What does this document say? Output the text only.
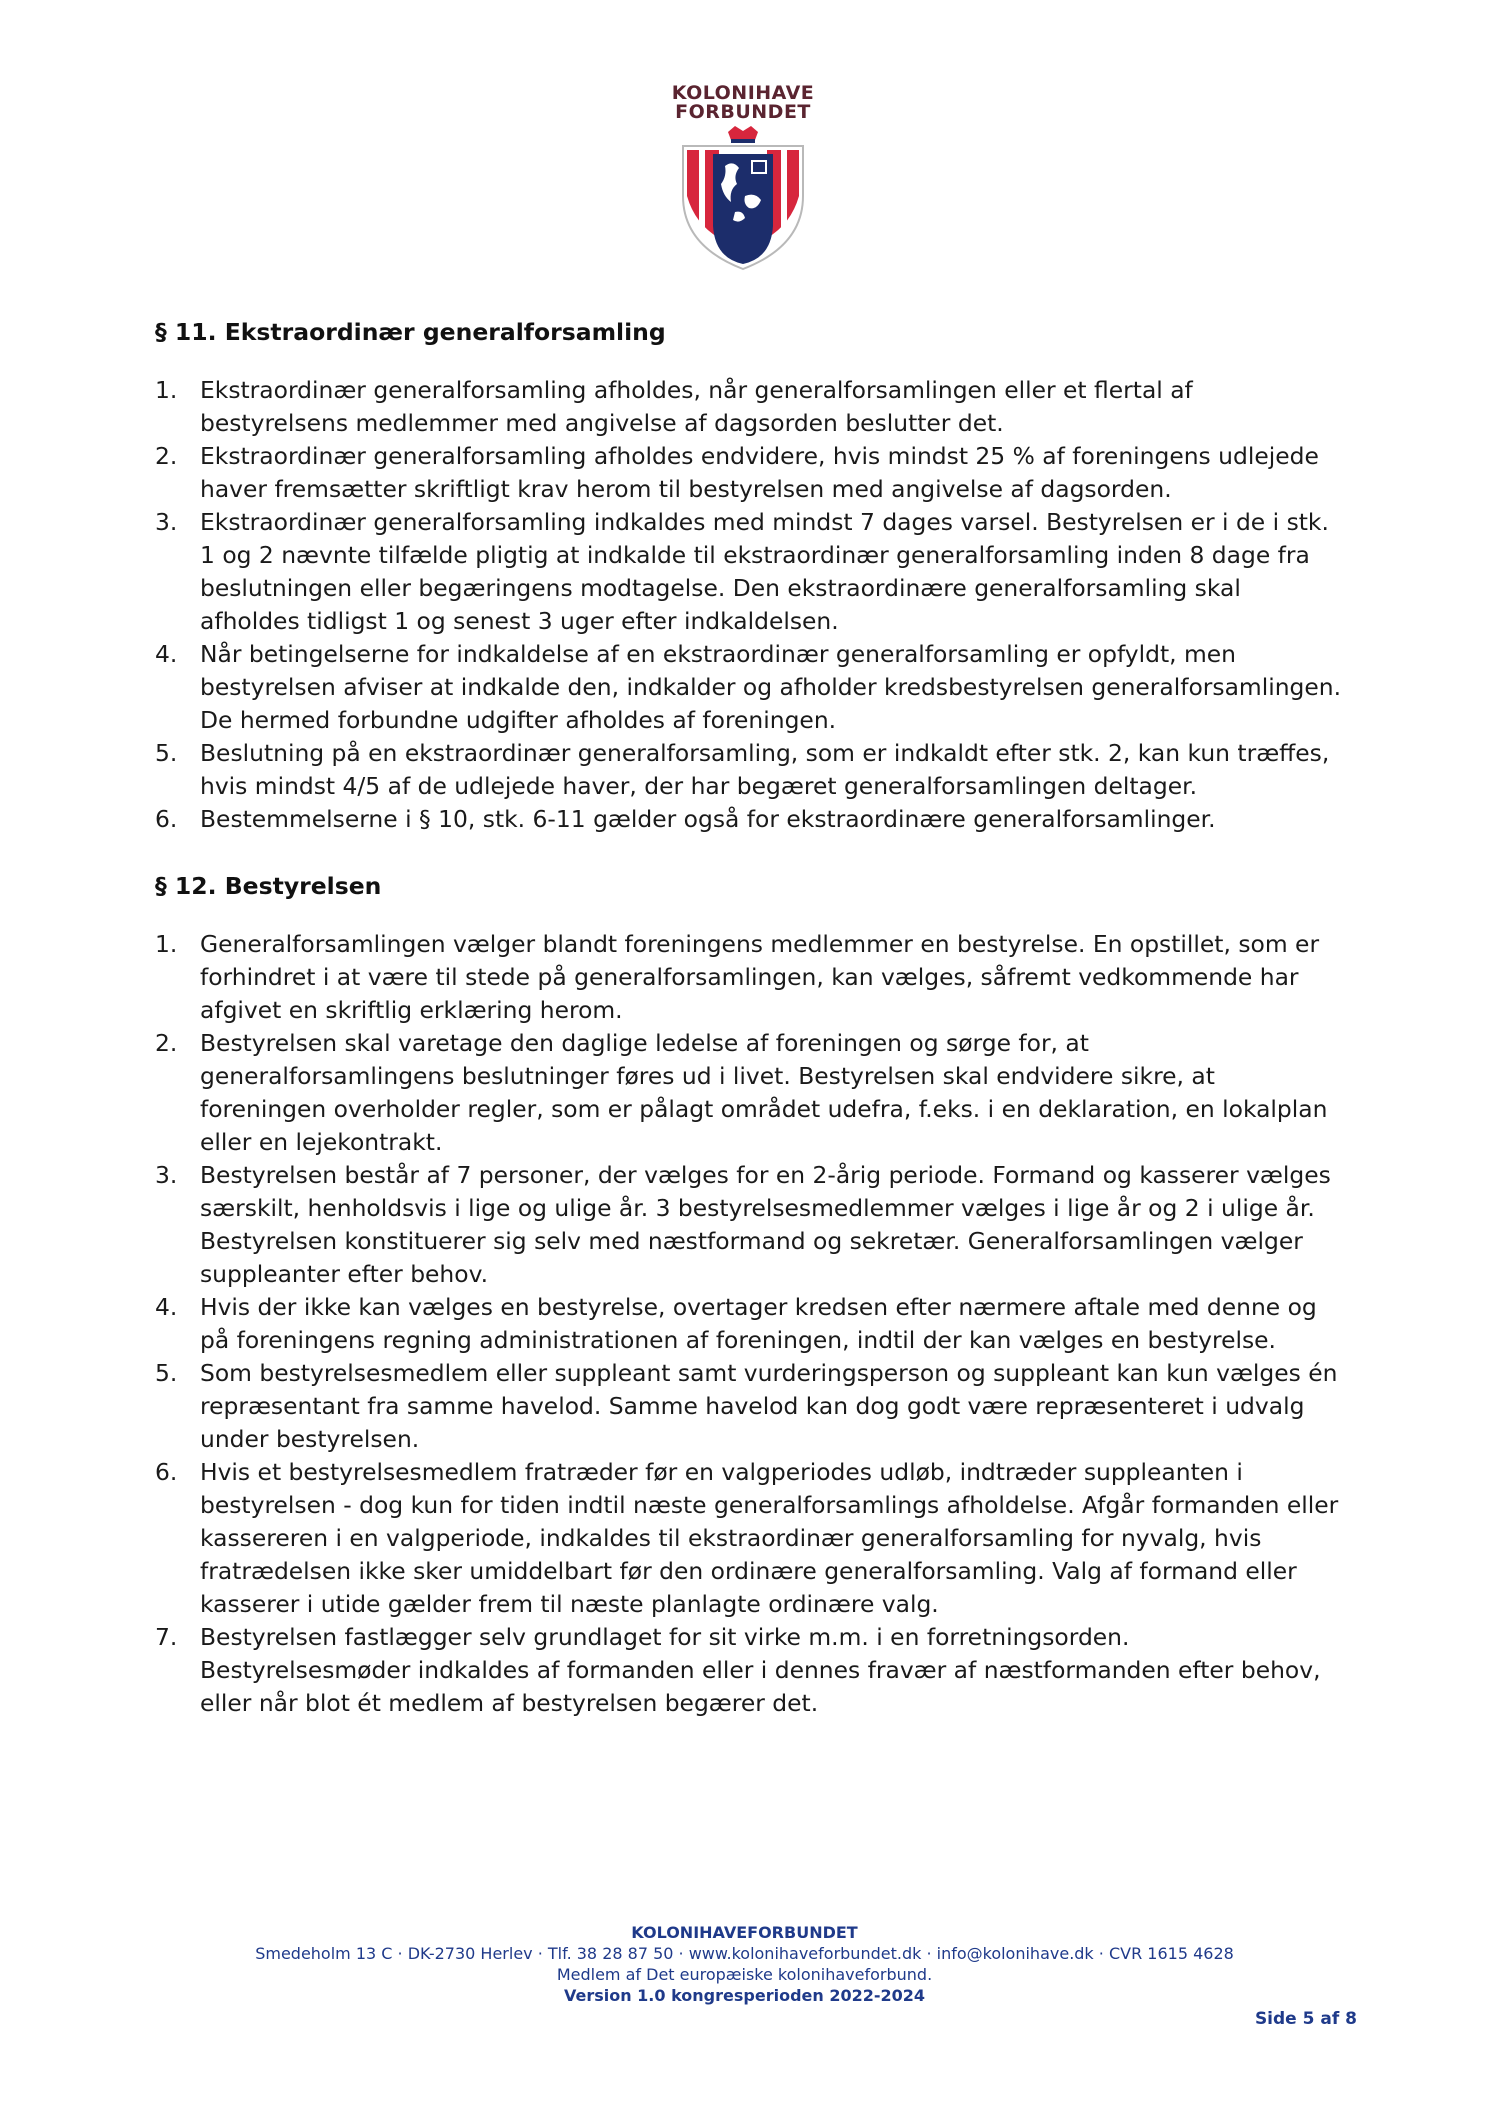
KOLONIHAVE
FORBUNDET
§ 11. Ekstraordinær generalforsamling
1. Ekstraordinær generalforsamling afholdes, når generalforsamlingen eller et flertal af bestyrelsens medlemmer med angivelse af dagsorden beslutter det.
2. Ekstraordinær generalforsamling afholdes endvidere, hvis mindst 25 % af foreningens udlejede haver fremsætter skriftligt krav herom til bestyrelsen med angivelse af dagsorden.
3. Ekstraordinær generalforsamling indkaldes med mindst 7 dages varsel. Bestyrelsen er i de i stk. 1 og 2 nævnte tilfælde pligtig at indkalde til ekstraordinær generalforsamling inden 8 dage fra beslutningen eller begæringens modtagelse. Den ekstraordinære generalforsamling skal afholdes tidligst 1 og senest 3 uger efter indkaldelsen.
4. Når betingelserne for indkaldelse af en ekstraordinær generalforsamling er opfyldt, men bestyrelsen afviser at indkalde den, indkalder og afholder kredsbestyrelsen generalforsamlingen. De hermed forbundne udgifter afholdes af foreningen.
5. Beslutning på en ekstraordinær generalforsamling, som er indkaldt efter stk. 2, kan kun træffes, hvis mindst 4/5 af de udlejede haver, der har begæret generalforsamlingen deltager.
6. Bestemmelserne i § 10, stk. 6-11 gælder også for ekstraordinære generalforsamlinger.
§ 12. Bestyrelsen
1. Generalforsamlingen vælger blandt foreningens medlemmer en bestyrelse. En opstillet, som er forhindret i at være til stede på generalforsamlingen, kan vælges, såfremt vedkommende har afgivet en skriftlig erklæring herom.
2. Bestyrelsen skal varetage den daglige ledelse af foreningen og sørge for, at generalforsamlingens beslutninger føres ud i livet. Bestyrelsen skal endvidere sikre, at foreningen overholder regler, som er pålagt området udefra, f.eks. i en deklaration, en lokalplan eller en lejekontrakt.
3. Bestyrelsen består af 7 personer, der vælges for en 2-årig periode. Formand og kasserer vælges særskilt, henholdsvis i lige og ulige år. 3 bestyrelsesmedlemmer vælges i lige år og 2 i ulige år. Bestyrelsen konstituerer sig selv med næstformand og sekretær. Generalforsamlingen vælger suppleanter efter behov.
4. Hvis der ikke kan vælges en bestyrelse, overtager kredsen efter nærmere aftale med denne og på foreningens regning administrationen af foreningen, indtil der kan vælges en bestyrelse.
5. Som bestyrelsesmedlem eller suppleant samt vurderingsperson og suppleant kan kun vælges én repræsentant fra samme havelod. Samme havelod kan dog godt være repræsenteret i udvalg under bestyrelsen.
6. Hvis et bestyrelsesmedlem fratræder før en valgperiodes udløb, indtræder suppleanten i bestyrelsen - dog kun for tiden indtil næste generalforsamlings afholdelse. Afgår formanden eller kassereren i en valgperiode, indkaldes til ekstraordinær generalforsamling for nyvalg, hvis fratrædelsen ikke sker umiddelbart før den ordinære generalforsamling. Valg af formand eller kasserer i utide gælder frem til næste planlagte ordinære valg.
7. Bestyrelsen fastlægger selv grundlaget for sit virke m.m. i en forretningsorden. Bestyrelsesmøder indkaldes af formanden eller i dennes fravær af næstformanden efter behov, eller når blot ét medlem af bestyrelsen begærer det.
KOLONIHAVEFORBUNDET
Smedeholm 13 C · DK-2730 Herlev · Tlf. 38 28 87 50 · www.kolonihaveforbundet.dk · info@kolonihave.dk · CVR 1615 4628
Medlem af Det europæiske kolonihaveforbund.
Version 1.0 kongresperioden 2022-2024
Side 5 af 8
